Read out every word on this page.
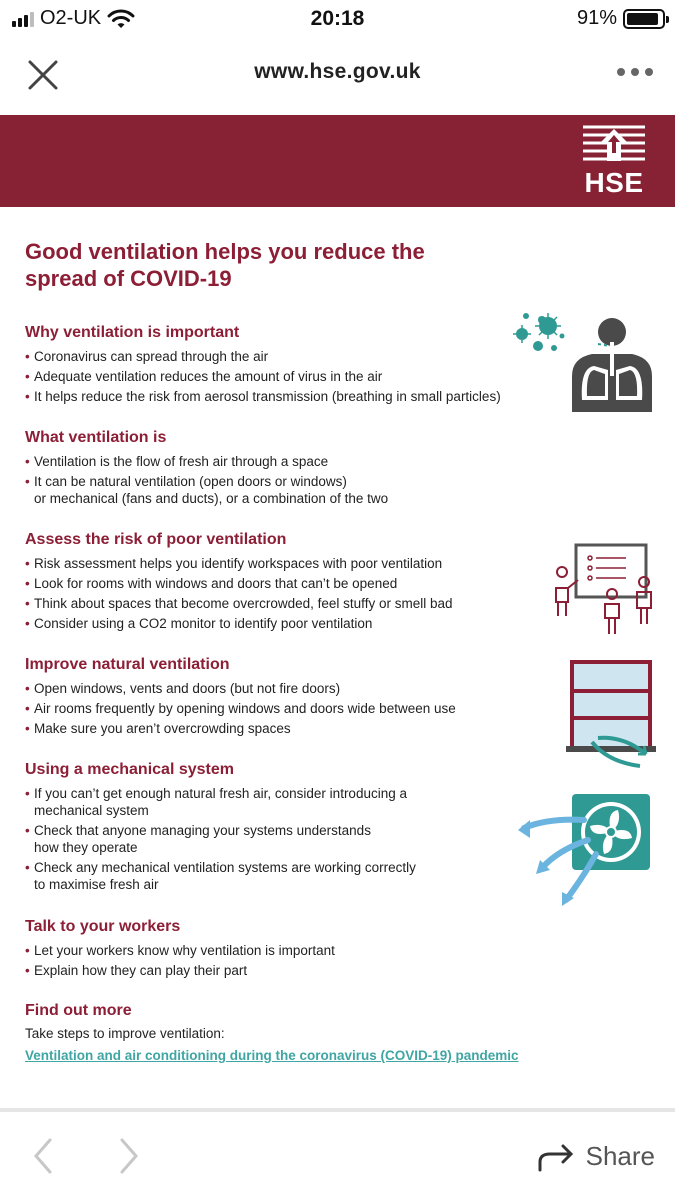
O2-UK	20:18	91%
www.hse.gov.uk
HSE
Good ventilation helps you reduce the spread of COVID-19
Why ventilation is important
• Coronavirus can spread through the air
• Adequate ventilation reduces the amount of virus in the air
• It helps reduce the risk from aerosol transmission (breathing in small particles)
What ventilation is
• Ventilation is the flow of fresh air through a space
• It can be natural ventilation (open doors or windows)
or mechanical (fans and ducts), or a combination of the two
Assess the risk of poor ventilation
• Risk assessment helps you identify workspaces with poor ventilation
• Look for rooms with windows and doors that can’t be opened
• Think about spaces that become overcrowded, feel stuffy or smell bad
• Consider using a CO2 monitor to identify poor ventilation
Improve natural ventilation
• Open windows, vents and doors (but not fire doors)
• Air rooms frequently by opening windows and doors wide between use
• Make sure you aren’t overcrowding spaces
Using a mechanical system
• If you can’t get enough natural fresh air, consider introducing a
mechanical system
• Check that anyone managing your systems understands
how they operate
• Check any mechanical ventilation systems are working correctly
to maximise fresh air
Talk to your workers
• Let your workers know why ventilation is important
• Explain how they can play their part
Find out more
Take steps to improve ventilation:
Ventilation and air conditioning during the coronavirus (COVID-19) pandemic
Share
